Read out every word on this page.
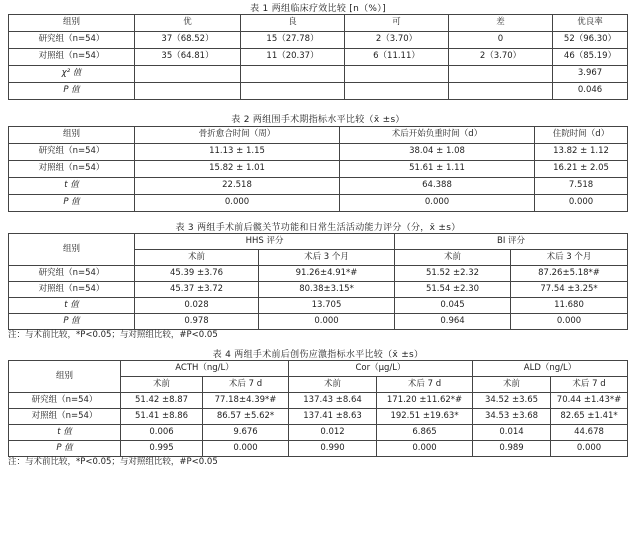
表 1 两组临床疗效比较 [n（%）]

组别	优	良	可	差	优良率
研究组（n=54）	37（68.52）	15（27.78）	2（3.70）	0	52（96.30）
对照组（n=54）	35（64.81）	11（20.37）	6（11.11）	2（3.70）	46（85.19）
χ² 值					3.967
P 值					0.046

表 2 两组围手术期指标水平比较（x̄ ±s）

组别	骨折愈合时间（周）	术后开始负重时间（d）	住院时间（d）
研究组（n=54）	11.13 ± 1.15	38.04 ± 1.08	13.82 ± 1.12
对照组（n=54）	15.82 ± 1.01	51.61 ± 1.11	16.21 ± 2.05
t 值	22.518	64.388	7.518
P 值	0.000	0.000	0.000

表 3 两组手术前后髋关节功能和日常生活活动能力评分（分，x̄ ±s）

组别	HHS 评分		BI 评分	
	术前	术后 3 个月	术前	术后 3 个月
研究组（n=54）	45.39 ±3.76	91.26±4.91*#	51.52 ±2.32	87.26±5.18*#
对照组（n=54）	45.37 ±3.72	80.38±3.15*	51.54 ±2.30	77.54 ±3.25*
t 值	0.028	13.705	0.045	11.680
P 值	0.978	0.000	0.964	0.000

注：与术前比较，*P<0.05；与对照组比较，#P<0.05

表 4 两组手术前后创伤应激指标水平比较（x̄ ±s）

组别	ACTH（ng/L）		Cor（μg/L）		ALD（ng/L）	
	术前	术后 7 d	术前	术后 7 d	术前	术后 7 d
研究组（n=54）	51.42 ±8.87	77.18±4.39*#	137.43 ±8.64	171.20 ±11.62*#	34.52 ±3.65	70.44 ±1.43*#
对照组（n=54）	51.41 ±8.86	86.57 ±5.62*	137.41 ±8.63	192.51 ±19.63*	34.53 ±3.68	82.65 ±1.41*
t 值	0.006	9.676	0.012	6.865	0.014	44.678
P 值	0.995	0.000	0.990	0.000	0.989	0.000

注：与术前比较，*P<0.05；与对照组比较，#P<0.05
